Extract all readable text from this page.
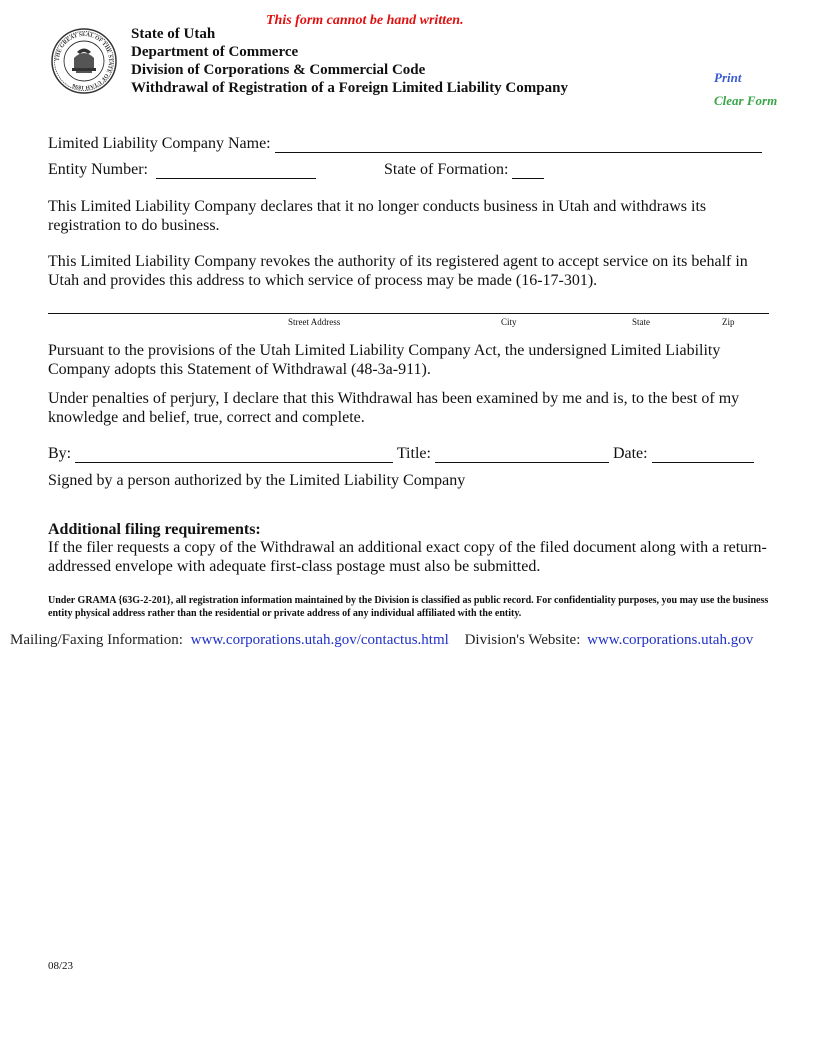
THE GREAT SEAL OF THE STATE OF UTAH 1896
This form cannot be hand written.
State of Utah
Department of Commerce
Division of Corporations & Commercial Code
Withdrawal of Registration of a Foreign Limited Liability Company
Print
Clear Form
Limited Liability Company Name:
Entity Number:	State of Formation:
This Limited Liability Company declares that it no longer conducts business in Utah and withdraws its registration to do business.
This Limited Liability Company revokes the authority of its registered agent to accept service on its behalf in Utah and provides this address to which service of process may be made (16-17-301).
Street Address	City	State	Zip
Pursuant to the provisions of the Utah Limited Liability Company Act, the undersigned Limited Liability Company adopts this Statement of Withdrawal (48-3a-911).
Under penalties of perjury, I declare that this Withdrawal has been examined by me and is, to the best of my knowledge and belief, true, correct and complete.
By:	Title:	Date:
Signed by a person authorized by the Limited Liability Company
Additional filing requirements:
If the filer requests a copy of the Withdrawal an additional exact copy of the filed document along with a return-addressed envelope with adequate first-class postage must also be submitted.
Under GRAMA {63G-2-201}, all registration information maintained by the Division is classified as public record. For confidentiality purposes, you may use the business entity physical address rather than the residential or private address of any individual affiliated with the entity.
Mailing/Faxing Information: www.corporations.utah.gov/contactus.html Division's Website: www.corporations.utah.gov
08/23
